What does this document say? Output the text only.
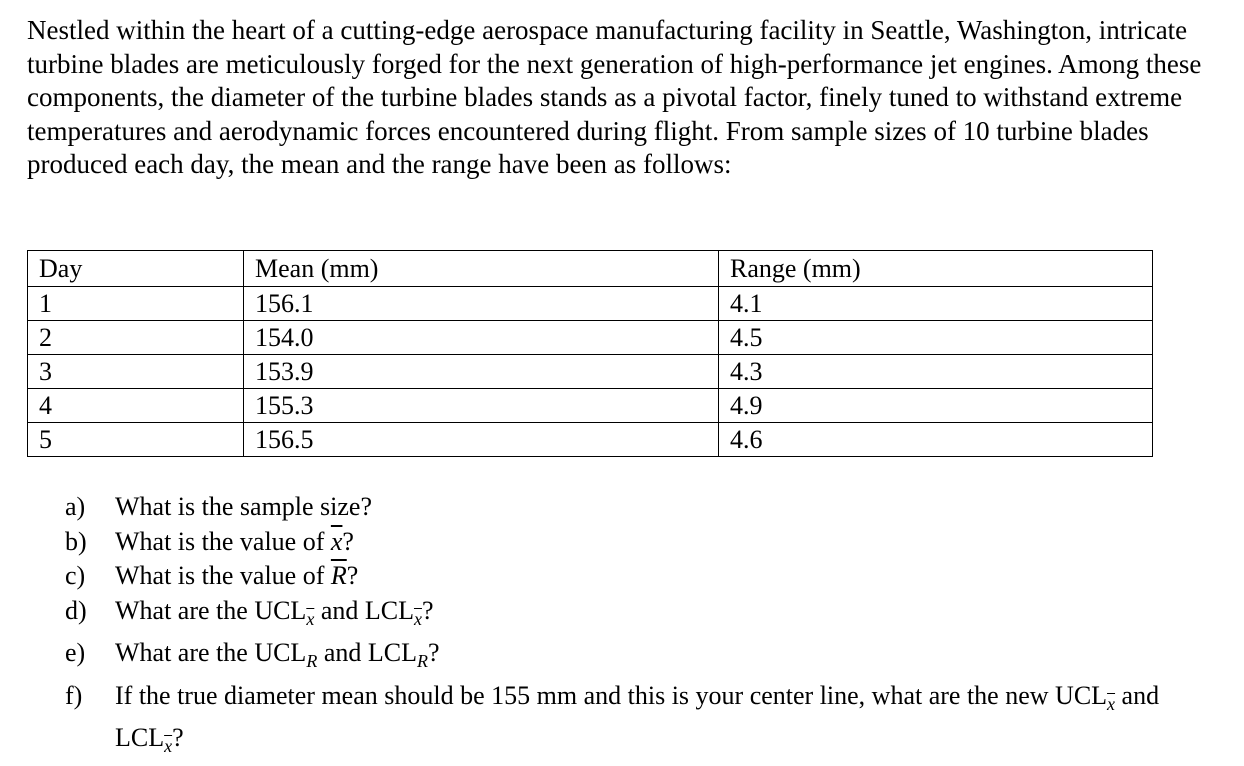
Nestled within the heart of a cutting-edge aerospace manufacturing facility in Seattle, Washington, intricate turbine blades are meticulously forged for the next generation of high-performance jet engines. Among these components, the diameter of the turbine blades stands as a pivotal factor, finely tuned to withstand extreme temperatures and aerodynamic forces encountered during flight. From sample sizes of 10 turbine blades produced each day, the mean and the range have been as follows:

Day	Mean (mm)	Range (mm)
1	156.1	4.1
2	154.0	4.5
3	153.9	4.3
4	155.3	4.9
5	156.5	4.6
a) What is the sample size?
b) What is the value of $\overline{x}$?
c) What is the value of $\overline{R}$?
d) What are the $UCL_{\overline{x}}$ and $LCL_{\overline{x}}$?
e) What are the $UCL_R$ and $LCL_R$?
f) If the true diameter mean should be 155 mm and this is your center line, what are the new $UCL_{\overline{x}}$ and $LCL_{\overline{x}}$?
